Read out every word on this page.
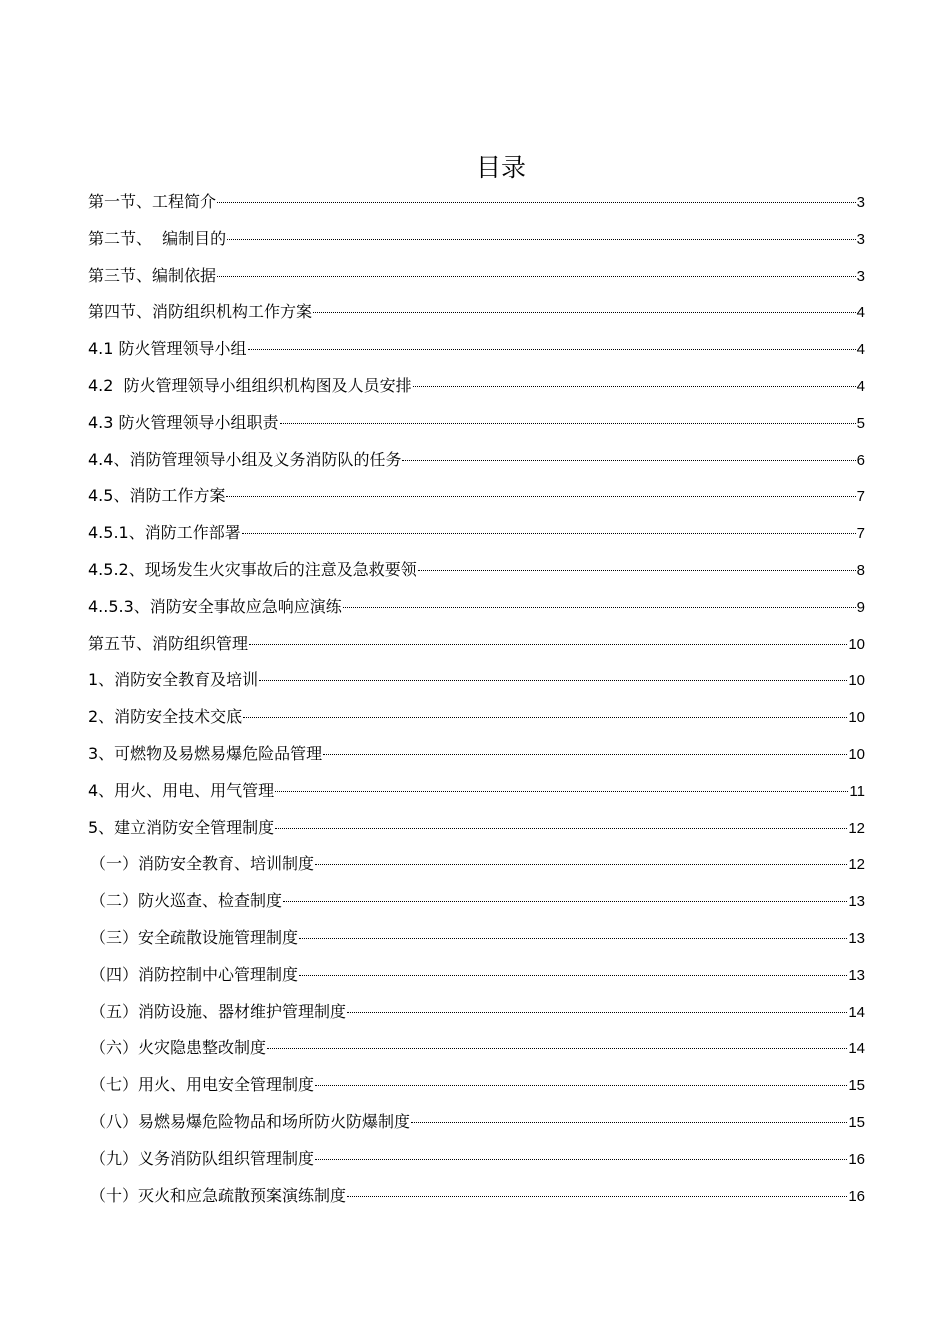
目录
第一节、工程简介	3
第二节、  编制目的	3
第三节、编制依据	3
第四节、消防组织机构工作方案	4
4.1 防火管理领导小组	4
4.2  防火管理领导小组组织机构图及人员安排	4
4.3 防火管理领导小组职责	5
4.4、消防管理领导小组及义务消防队的任务	6
4.5、消防工作方案	7
4.5.1、消防工作部署	7
4.5.2、现场发生火灾事故后的注意及急救要领	8
4..5.3、消防安全事故应急响应演练	9
第五节、消防组织管理	10
1、消防安全教育及培训	10
2、消防安全技术交底	10
3、可燃物及易燃易爆危险品管理	10
4、用火、用电、用气管理	11
5、建立消防安全管理制度	12
（一）消防安全教育、培训制度	12
（二）防火巡查、检查制度	13
（三）安全疏散设施管理制度	13
（四）消防控制中心管理制度	13
（五）消防设施、器材维护管理制度	14
（六）火灾隐患整改制度	14
（七）用火、用电安全管理制度	15
（八）易燃易爆危险物品和场所防火防爆制度	15
（九）义务消防队组织管理制度	16
（十）灭火和应急疏散预案演练制度	16
